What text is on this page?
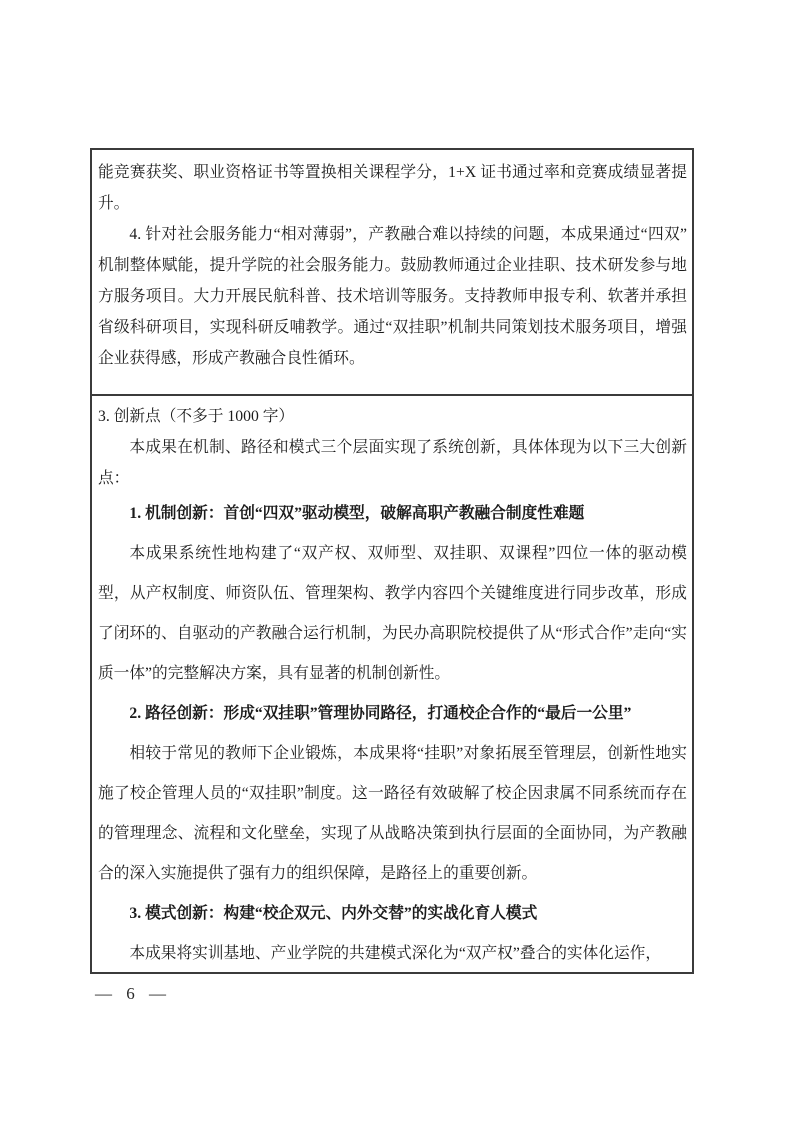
能竞赛获奖、职业资格证书等置换相关课程学分，1+X 证书通过率和竞赛成绩显著提升。

4. 针对社会服务能力“相对薄弱”，产教融合难以持续的问题，本成果通过“四双”机制整体赋能，提升学院的社会服务能力。鼓励教师通过企业挂职、技术研发参与地方服务项目。大力开展民航科普、技术培训等服务。支持教师申报专利、软著并承担省级科研项目，实现科研反哺教学。通过“双挂职”机制共同策划技术服务项目，增强企业获得感，形成产教融合良性循环。

3. 创新点（不多于 1000 字）

本成果在机制、路径和模式三个层面实现了系统创新，具体体现为以下三大创新点：

1. 机制创新：首创“四双”驱动模型，破解高职产教融合制度性难题

本成果系统性地构建了“双产权、双师型、双挂职、双课程”四位一体的驱动模型，从产权制度、师资队伍、管理架构、教学内容四个关键维度进行同步改革，形成了闭环的、自驱动的产教融合运行机制，为民办高职院校提供了从“形式合作”走向“实质一体”的完整解决方案，具有显著的机制创新性。

2. 路径创新：形成“双挂职”管理协同路径，打通校企合作的“最后一公里”

相较于常见的教师下企业锻炼，本成果将“挂职”对象拓展至管理层，创新性地实施了校企管理人员的“双挂职”制度。这一路径有效破解了校企因隶属不同系统而存在的管理理念、流程和文化壁垒，实现了从战略决策到执行层面的全面协同，为产教融合的深入实施提供了强有力的组织保障，是路径上的重要创新。

3. 模式创新：构建“校企双元、内外交替”的实战化育人模式

本成果将实训基地、产业学院的共建模式深化为“双产权”叠合的实体化运作，

— 6 —
